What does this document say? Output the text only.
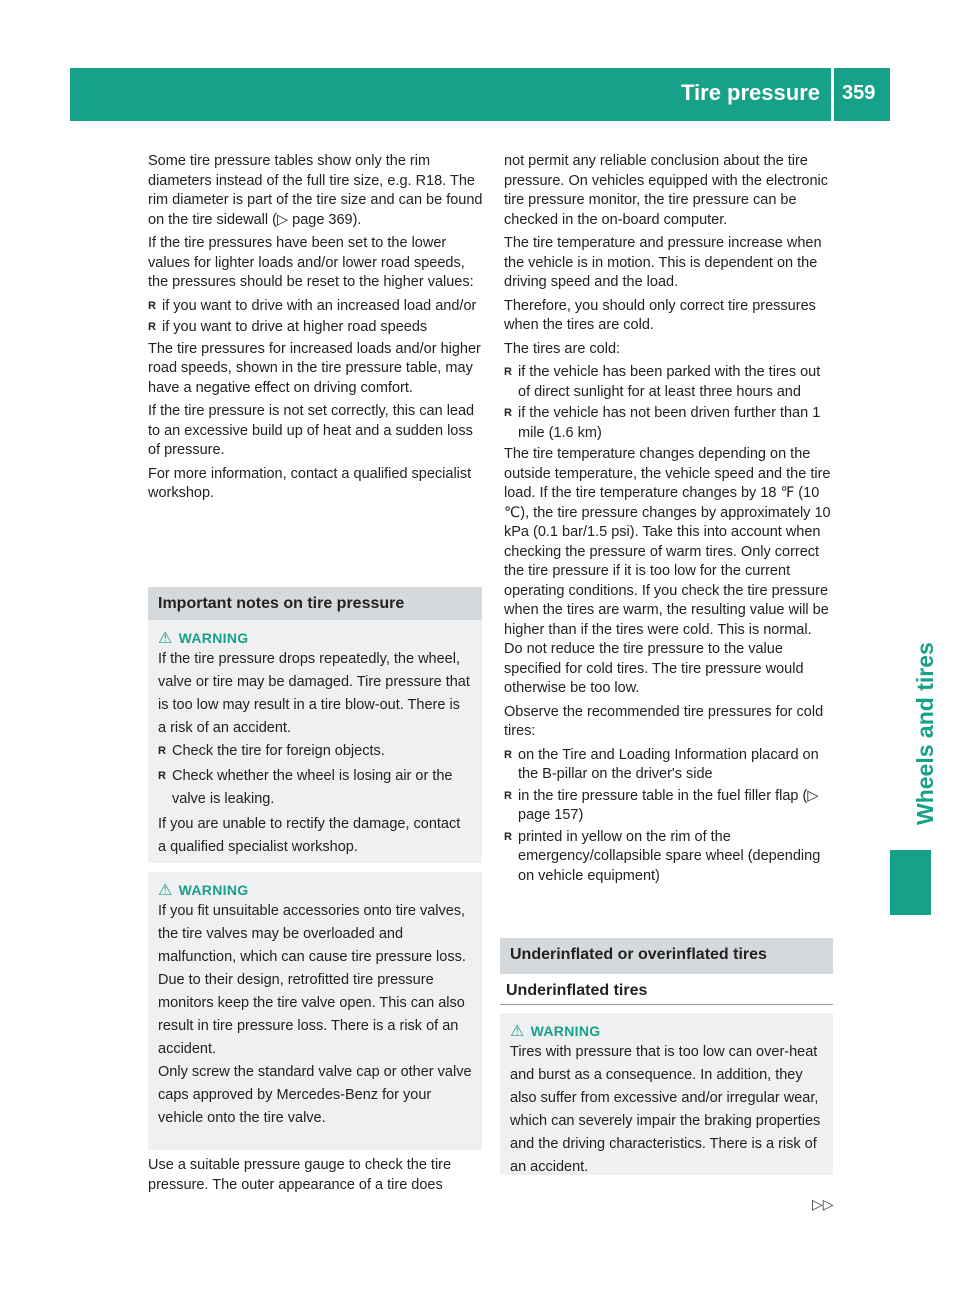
Tire pressure 359
Wheels and tires

Some tire pressure tables show only the rim diameters instead of the full tire size, e.g. R18. The rim diameter is part of the tire size and can be found on the tire sidewall (▷ page 369).

If the tire pressures have been set to the lower values for lighter loads and/or lower road speeds, the pressures should be reset to the higher values:

R if you want to drive with an increased load and/or
R if you want to drive at higher road speeds

The tire pressures for increased loads and/or higher road speeds, shown in the tire pressure table, may have a negative effect on driving comfort.

If the tire pressure is not set correctly, this can lead to an excessive build up of heat and a sudden loss of pressure.

For more information, contact a qualified specialist workshop.

Important notes on tire pressure
⚠ WARNING
If the tire pressure drops repeatedly, the wheel, valve or tire may be damaged. Tire pressure that is too low may result in a tire blow-out. There is a risk of an accident.
R Check the tire for foreign objects.
R Check whether the wheel is losing air or the valve is leaking.
If you are unable to rectify the damage, contact a qualified specialist workshop.
⚠ WARNING
If you fit unsuitable accessories onto tire valves, the tire valves may be overloaded and malfunction, which can cause tire pressure loss. Due to their design, retrofitted tire pressure monitors keep the tire valve open. This can also result in tire pressure loss. There is a risk of an accident.
Only screw the standard valve cap or other valve caps approved by Mercedes-Benz for your vehicle onto the tire valve.

Use a suitable pressure gauge to check the tire pressure. The outer appearance of a tire does

not permit any reliable conclusion about the tire pressure. On vehicles equipped with the electronic tire pressure monitor, the tire pressure can be checked in the on-board computer.

The tire temperature and pressure increase when the vehicle is in motion. This is dependent on the driving speed and the load.

Therefore, you should only correct tire pressures when the tires are cold.

The tires are cold:

R if the vehicle has been parked with the tires out of direct sunlight for at least three hours and
R if the vehicle has not been driven further than 1 mile (1.6 km)

The tire temperature changes depending on the outside temperature, the vehicle speed and the tire load. If the tire temperature changes by 18 ℉ (10 ℃), the tire pressure changes by approximately 10 kPa (0.1 bar/1.5 psi). Take this into account when checking the pressure of warm tires. Only correct the tire pressure if it is too low for the current operating conditions. If you check the tire pressure when the tires are warm, the resulting value will be higher than if the tires were cold. This is normal. Do not reduce the tire pressure to the value specified for cold tires. The tire pressure would otherwise be too low.

Observe the recommended tire pressures for cold tires:

R on the Tire and Loading Information placard on the B-pillar on the driver's side
R in the tire pressure table in the fuel filler flap (▷ page 157)
R printed in yellow on the rim of the emergency/collapsible spare wheel (depending on vehicle equipment)
Underinflated or overinflated tires
Underinflated tires
⚠ WARNING
Tires with pressure that is too low can over-heat and burst as a consequence. In addition, they also suffer from excessive and/or irregular wear, which can severely impair the braking properties and the driving characteristics. There is a risk of an accident.
▷▷
